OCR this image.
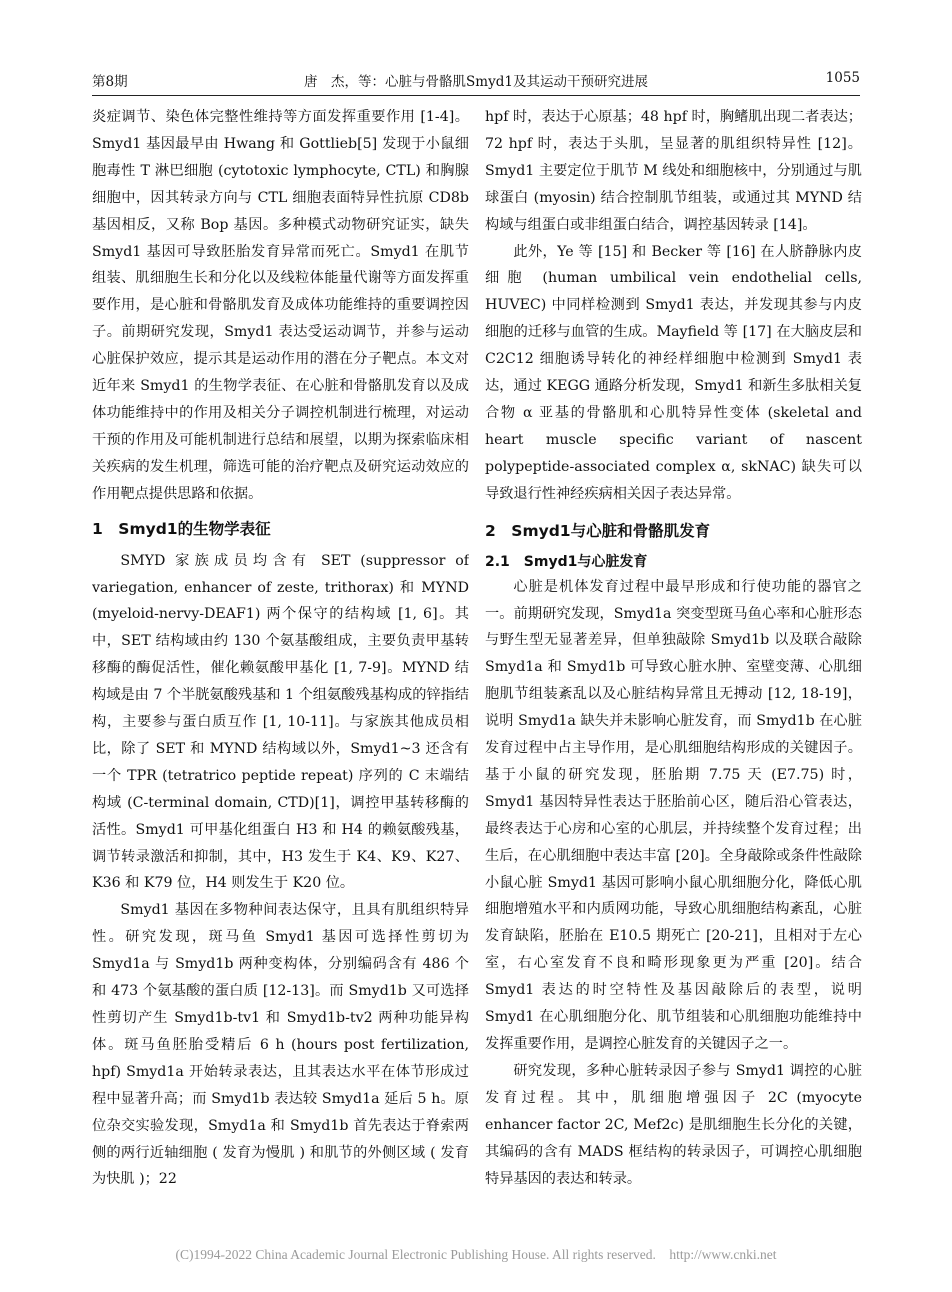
第8期	唐　杰，等：心脏与骨骼肌Smyd1及其运动干预研究进展	1055

炎症调节、染色体完整性维持等方面发挥重要作用 [1-4]。Smyd1 基因最早由 Hwang 和 Gottlieb[5] 发现于小鼠细胞毒性 T 淋巴细胞 (cytotoxic lymphocyte, CTL) 和胸腺细胞中，因其转录方向与 CTL 细胞表面特异性抗原 CD8b 基因相反，又称 Bop 基因。多种模式动物研究证实，缺失 Smyd1 基因可导致胚胎发育异常而死亡。Smyd1 在肌节组装、肌细胞生长和分化以及线粒体能量代谢等方面发挥重要作用，是心脏和骨骼肌发育及成体功能维持的重要调控因子。前期研究发现，Smyd1 表达受运动调节，并参与运动心脏保护效应，提示其是运动作用的潜在分子靶点。本文对近年来 Smyd1 的生物学表征、在心脏和骨骼肌发育以及成体功能维持中的作用及相关分子调控机制进行梳理，对运动干预的作用及可能机制进行总结和展望，以期为探索临床相关疾病的发生机理，筛选可能的治疗靶点及研究运动效应的作用靶点提供思路和依据。

1　Smyd1的生物学表征

SMYD 家族成员均含有 SET (suppressor of variegation, enhancer of zeste, trithorax) 和 MYND (myeloid-nervy-DEAF1) 两个保守的结构域 [1, 6]。其中，SET 结构域由约 130 个氨基酸组成，主要负责甲基转移酶的酶促活性，催化赖氨酸甲基化 [1, 7-9]。MYND 结构域是由 7 个半胱氨酸残基和 1 个组氨酸残基构成的锌指结构，主要参与蛋白质互作 [1, 10-11]。与家族其他成员相比，除了 SET 和 MYND 结构域以外，Smyd1~3 还含有一个 TPR (tetratrico peptide repeat) 序列的 C 末端结构域 (C-terminal domain, CTD)[1]，调控甲基转移酶的活性。Smyd1 可甲基化组蛋白 H3 和 H4 的赖氨酸残基，调节转录激活和抑制，其中，H3 发生于 K4、K9、K27、K36 和 K79 位，H4 则发生于 K20 位。

Smyd1 基因在多物种间表达保守，且具有肌组织特异性。研究发现，斑马鱼 Smyd1 基因可选择性剪切为 Smyd1a 与 Smyd1b 两种变构体，分别编码含有 486 个和 473 个氨基酸的蛋白质 [12-13]。而 Smyd1b 又可选择性剪切产生 Smyd1b-tv1 和 Smyd1b-tv2 两种功能异构体。斑马鱼胚胎受精后 6 h (hours post fertilization, hpf) Smyd1a 开始转录表达，且其表达水平在体节形成过程中显著升高；而 Smyd1b 表达较 Smyd1a 延后 5 h。原位杂交实验发现，Smyd1a 和 Smyd1b 首先表达于脊索两侧的两行近轴细胞 ( 发育为慢肌 ) 和肌节的外侧区域 ( 发育为快肌 )；22

hpf 时，表达于心原基；48 hpf 时，胸鳍肌出现二者表达；72 hpf 时，表达于头肌，呈显著的肌组织特异性 [12]。Smyd1 主要定位于肌节 M 线处和细胞核中，分别通过与肌球蛋白 (myosin) 结合控制肌节组装，或通过其 MYND 结构域与组蛋白或非组蛋白结合，调控基因转录 [14]。

此外，Ye 等 [15] 和 Becker 等 [16] 在人脐静脉内皮细胞 (human umbilical vein endothelial cells, HUVEC) 中同样检测到 Smyd1 表达，并发现其参与内皮细胞的迁移与血管的生成。Mayfield 等 [17] 在大脑皮层和 C2C12 细胞诱导转化的神经样细胞中检测到 Smyd1 表达，通过 KEGG 通路分析发现，Smyd1 和新生多肽相关复合物 α 亚基的骨骼肌和心肌特异性变体 (skeletal and heart muscle specific variant of nascent polypeptide-associated complex α, skNAC) 缺失可以导致退行性神经疾病相关因子表达异常。

2　Smyd1与心脏和骨骼肌发育
2.1　Smyd1与心脏发育

心脏是机体发育过程中最早形成和行使功能的器官之一。前期研究发现，Smyd1a 突变型斑马鱼心率和心脏形态与野生型无显著差异，但单独敲除 Smyd1b 以及联合敲除 Smyd1a 和 Smyd1b 可导致心脏水肿、室壁变薄、心肌细胞肌节组装紊乱以及心脏结构异常且无搏动 [12, 18-19]，说明 Smyd1a 缺失并未影响心脏发育，而 Smyd1b 在心脏发育过程中占主导作用，是心肌细胞结构形成的关键因子。基于小鼠的研究发现，胚胎期 7.75 天 (E7.75) 时，Smyd1 基因特异性表达于胚胎前心区，随后沿心管表达，最终表达于心房和心室的心肌层，并持续整个发育过程；出生后，在心肌细胞中表达丰富 [20]。全身敲除或条件性敲除小鼠心脏 Smyd1 基因可影响小鼠心肌细胞分化，降低心肌细胞增殖水平和内质网功能，导致心肌细胞结构紊乱，心脏发育缺陷，胚胎在 E10.5 期死亡 [20-21]，且相对于左心室，右心室发育不良和畸形现象更为严重 [20]。结合 Smyd1 表达的时空特性及基因敲除后的表型，说明 Smyd1 在心肌细胞分化、肌节组装和心肌细胞功能维持中发挥重要作用，是调控心脏发育的关键因子之一。

研究发现，多种心脏转录因子参与 Smyd1 调控的心脏发育过程。其中，肌细胞增强因子 2C (myocyte enhancer factor 2C, Mef2c) 是肌细胞生长分化的关键，其编码的含有 MADS 框结构的转录因子，可调控心肌细胞特异基因的表达和转录。

(C)1994-2022 China Academic Journal Electronic Publishing House. All rights reserved.　http://www.cnki.net
